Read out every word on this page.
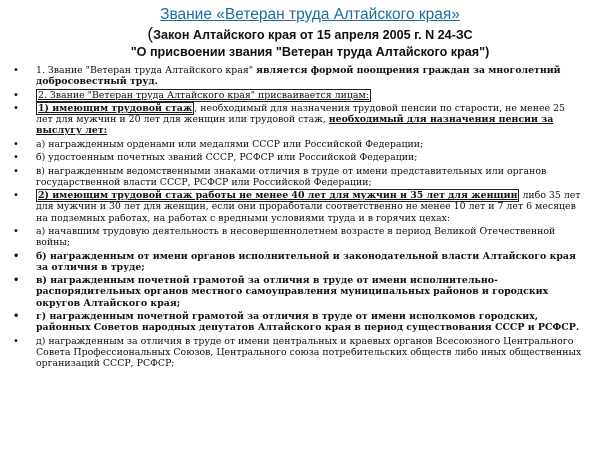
Звание «Ветеран труда Алтайского края»

(Закон Алтайского края от 15 апреля 2005 г. N 24-ЗС

"О присвоении звания "Ветеран труда Алтайского края")

• 1. Звание "Ветеран труда Алтайского края" является формой поощрения граждан за многолетний добросовестный труд.
• 2. Звание "Ветеран труда Алтайского края" присваивается лицам:
• 1) имеющим трудовой стаж , необходимый для назначения трудовой пенсии по старости, не менее 25 лет для мужчин и 20 лет для женщин или трудовой стаж, необходимый для назначения пенсии за выслугу лет:
• а) награжденным орденами или медалями СССР или Российской Федерации;
• б) удостоенным почетных званий СССР, РСФСР или Российской Федерации;
• в) награжденным ведомственными знаками отличия в труде от имени представительных или органов государственной власти СССР, РСФСР или Российской Федерации;
• 2) имеющим трудовой стаж работы не менее 40 лет для мужчин и 35 лет для женщин либо 35 лет для мужчин и 30 лет для женщин, если они проработали соответственно не менее 10 лет и 7 лет 6 месяцев на подземных работах, на работах с вредными условиями труда и в горячих цехах:
• а) начавшим трудовую деятельность в несовершеннолетнем возрасте в период Великой Отечественной войны;
• б) награжденным от имени органов исполнительной и законодательной власти Алтайского края за отличия в труде;
• в) награжденным почетной грамотой за отличия в труде от имени исполнительно-распорядительных органов местного самоуправления муниципальных районов и городских округов Алтайского края;
• г) награжденным почетной грамотой за отличия в труде от имени исполкомов городских, районных Советов народных депутатов Алтайского края в период существования СССР и РСФСР.
• д) награжденным за отличия в труде от имени центральных и краевых органов Всесоюзного Центрального Совета Профессиональных Союзов, Центрального союза потребительских обществ либо иных общественных организаций СССР, РСФСР;
